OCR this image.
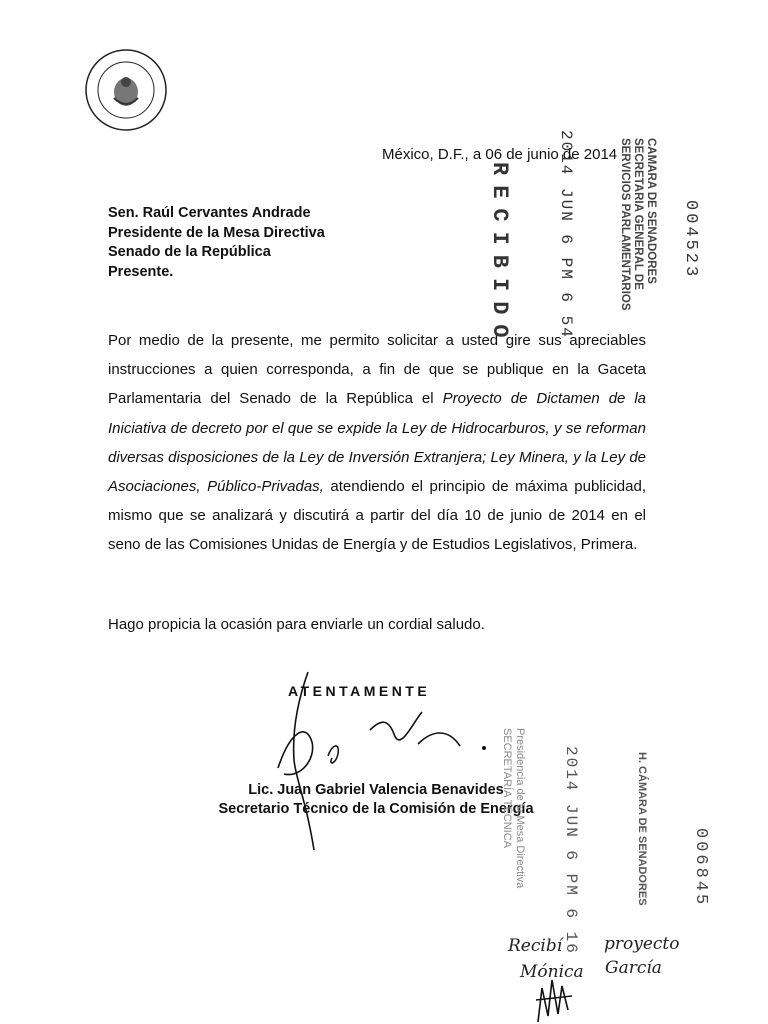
México, D.F., a 06 de junio de 2014
Sen. Raúl Cervantes Andrade
Presidente de la Mesa Directiva
Senado de la República
Presente.
Por medio de la presente, me permito solicitar a usted gire sus apreciables instrucciones a quien corresponda, a fin de que se publique en la Gaceta Parlamentaria del Senado de la República el Proyecto de Dictamen de la Iniciativa de decreto por el que se expide la Ley de Hidrocarburos, y se reforman diversas disposiciones de la Ley de Inversión Extranjera; Ley Minera, y la Ley de Asociaciones, Público-Privadas, atendiendo el principio de máxima publicidad, mismo que se analizará y discutirá a partir del día 10 de junio de 2014 en el seno de las Comisiones Unidas de Energía y de Estudios Legislativos, Primera.
Hago propicia la ocasión para enviarle un cordial saludo.
ATENTAMENTE
Lic. Juan Gabriel Valencia Benavides
Secretario Técnico de la Comisión de Energía
RECIBIDO	2014 JUN 6 PM 6 54	CAMARA DE SENADORES
SECRETARIA GENERAL DE
SERVICIOS PARLAMENTARIOS	004523
Presidencia de la Mesa Directiva
SECRETARÍA TÉCNICA	2014 JUN 6 PM 6 16	H. CÁMARA DE SENADORES	006845
Recibí proyecto
Mónica García
